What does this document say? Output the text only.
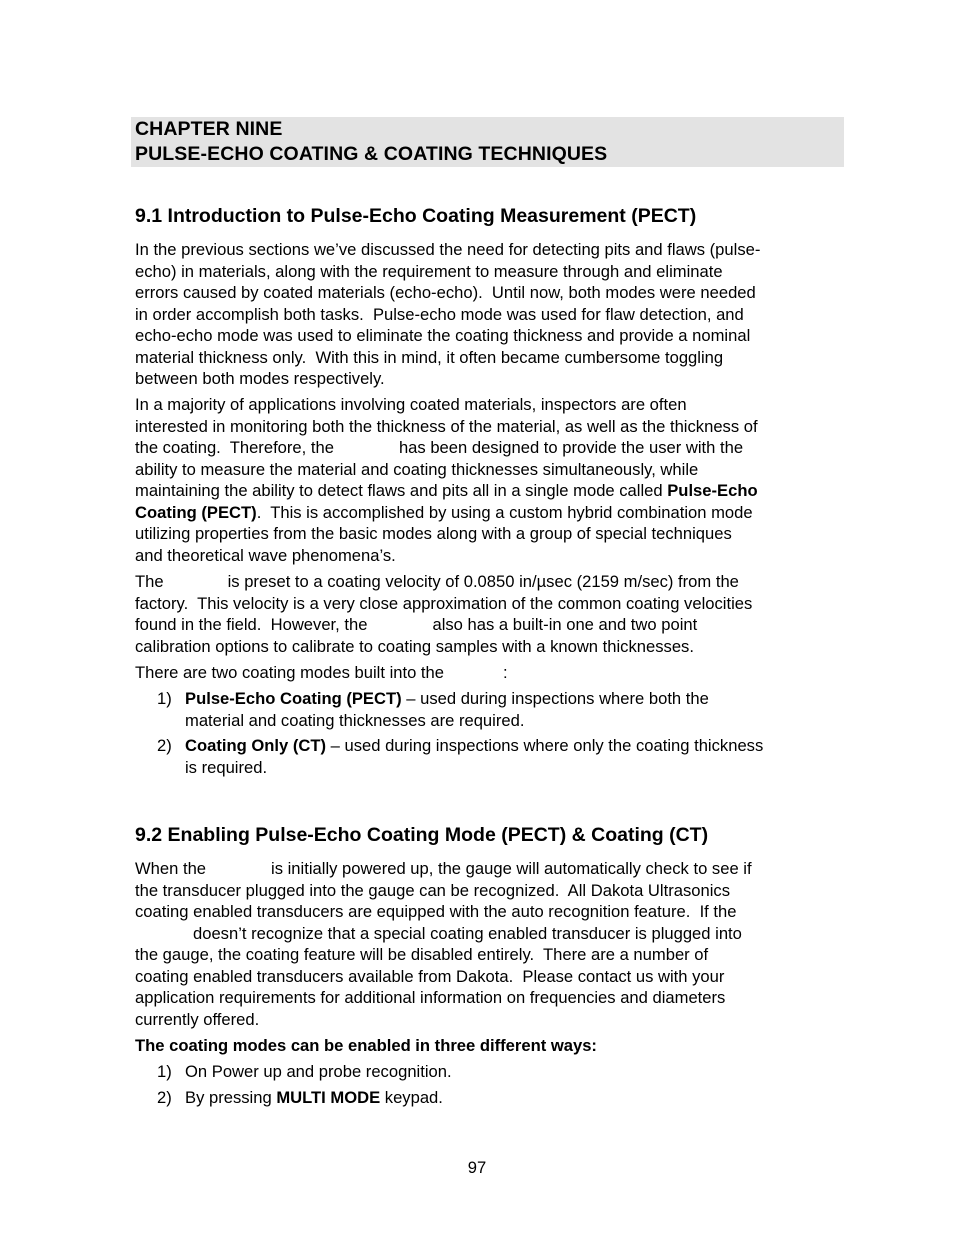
CHAPTER NINE
PULSE-ECHO COATING & COATING TECHNIQUES
9.1 Introduction to Pulse-Echo Coating Measurement (PECT)
In the previous sections we’ve discussed the need for detecting pits and flaws (pulse-
echo) in materials, along with the requirement to measure through and eliminate
errors caused by coated materials (echo-echo).  Until now, both modes were needed
in order accomplish both tasks.  Pulse-echo mode was used for flaw detection, and
echo-echo mode was used to eliminate the coating thickness and provide a nominal
material thickness only.  With this in mind, it often became cumbersome toggling
between both modes respectively.
In a majority of applications involving coated materials, inspectors are often
interested in monitoring both the thickness of the material, as well as the thickness of
the coating.  Therefore, the	has been designed to provide the user with the
ability to measure the material and coating thicknesses simultaneously, while
maintaining the ability to detect flaws and pits all in a single mode called Pulse-Echo
Coating (PECT).  This is accomplished by using a custom hybrid combination mode
utilizing properties from the basic modes along with a group of special techniques
and theoretical wave phenomena’s.
The	is preset to a coating velocity of 0.0850 in/µsec (2159 m/sec) from the
factory.  This velocity is a very close approximation of the common coating velocities
found in the field.  However, the	also has a built-in one and two point
calibration options to calibrate to coating samples with a known thicknesses.
There are two coating modes built into the	:
1) Pulse-Echo Coating (PECT) – used during inspections where both the
material and coating thicknesses are required.
2) Coating Only (CT) – used during inspections where only the coating thickness
is required.
9.2 Enabling Pulse-Echo Coating Mode (PECT) & Coating (CT)
When the	is initially powered up, the gauge will automatically check to see if
the transducer plugged into the gauge can be recognized.  All Dakota Ultrasonics
coating enabled transducers are equipped with the auto recognition feature.  If the
doesn’t recognize that a special coating enabled transducer is plugged into
the gauge, the coating feature will be disabled entirely.  There are a number of
coating enabled transducers available from Dakota.  Please contact us with your
application requirements for additional information on frequencies and diameters
currently offered.
The coating modes can be enabled in three different ways:
1) On Power up and probe recognition.
2) By pressing MULTI MODE keypad.
97
